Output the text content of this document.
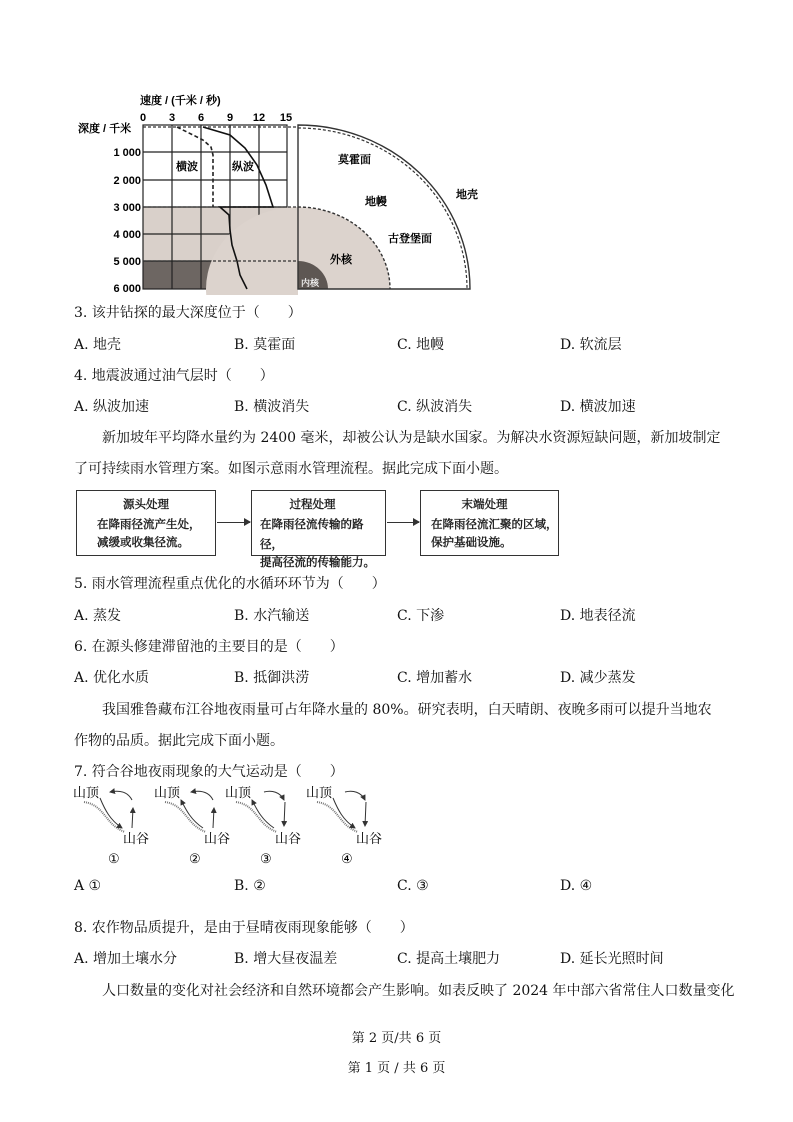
速度 / (千米 / 秒)
0 3 6 9 12 15
深度 / 千米
1 000
2 000
3 000
4 000
5 000
6 000
横波	纵波
莫霍面
地壳
地幔
古登堡面
外核
内核
3. 该井钻探的最大深度位于（　　）
A. 地壳	B. 莫霍面	C. 地幔	D. 软流层
4. 地震波通过油气层时（　　）
A. 纵波加速	B. 横波消失	C. 纵波消失	D. 横波加速
新加坡年平均降水量约为 2400 毫米，却被公认为是缺水国家。为解决水资源短缺问题，新加坡制定了可持续雨水管理方案。如图示意雨水管理流程。据此完成下面小题。
源头处理
在降雨径流产生处，
减缓或收集径流。
过程处理
在降雨径流传输的路径，
提高径流的传输能力。
末端处理
在降雨径流汇聚的区域，
保护基础设施。
5. 雨水管理流程重点优化的水循环环节为（　　）
A. 蒸发	B. 水汽输送	C. 下渗	D. 地表径流
6. 在源头修建滞留池的主要目的是（　　）
A. 优化水质	B. 抵御洪涝	C. 增加蓄水	D. 减少蒸发
我国雅鲁藏布江谷地夜雨量可占年降水量的 80%。研究表明，白天晴朗、夜晚多雨可以提升当地农作物的品质。据此完成下面小题。
7. 符合谷地夜雨现象的大气运动是（　　）
山顶
山谷
①
山顶
山谷
②
山顶
山谷
③
山顶
山谷
④
A ①	B. ②	C. ③	D. ④
8. 农作物品质提升，是由于昼晴夜雨现象能够（　　）
A. 增加土壤水分	B. 增大昼夜温差	C. 提高土壤肥力	D. 延长光照时间
人口数量的变化对社会经济和自然环境都会产生影响。如表反映了 2024 年中部六省常住人口数量变化
第 2 页/共 6 页
第 1 页 / 共 6 页
